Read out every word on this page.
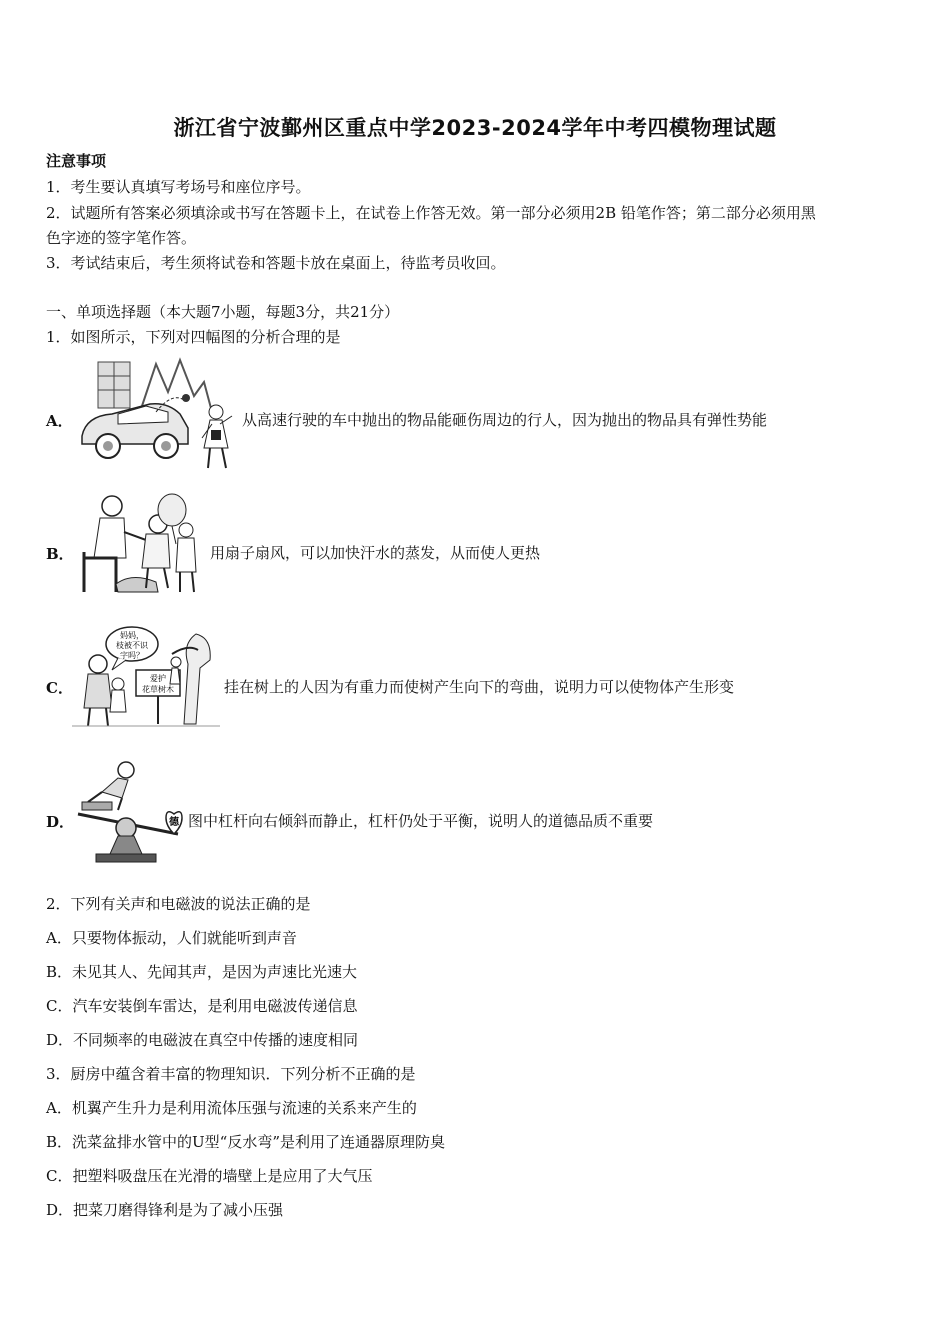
浙江省宁波鄞州区重点中学2023-2024学年中考四模物理试题
注意事项
1．考生要认真填写考场号和座位序号。
2．试题所有答案必须填涂或书写在答题卡上，在试卷上作答无效。第一部分必须用2B 铅笔作答；第二部分必须用黑
色字迹的签字笔作答。
3．考试结束后，考生须将试卷和答题卡放在桌面上，待监考员收回。
一、单项选择题（本大题7小题，每题3分，共21分）
1．如图所示，下列对四幅图的分析合理的是
A．	从高速行驶的车中抛出的物品能砸伤周边的行人，因为抛出的物品具有弹性势能
B．	用扇子扇风，可以加快汗水的蒸发，从而使人更热
C．
妈妈，
枝被不识
字吗？
爱护
花草树木	挂在树上的人因为有重力而使树产生向下的弯曲，说明力可以使物体产生形变
D．	德 图中杠杆向右倾斜而静止，杠杆仍处于平衡，说明人的道德品质不重要
2．下列有关声和电磁波的说法正确的是
A．只要物体振动，人们就能听到声音
B．未见其人、先闻其声，是因为声速比光速大
C．汽车安装倒车雷达，是利用电磁波传递信息
D．不同频率的电磁波在真空中传播的速度相同
3．厨房中蕴含着丰富的物理知识．下列分析不正确的是
A．机翼产生升力是利用流体压强与流速的关系来产生的
B．洗菜盆排水管中的U型“反水弯”是利用了连通器原理防臭
C．把塑料吸盘压在光滑的墙壁上是应用了大气压
D．把菜刀磨得锋利是为了减小压强
